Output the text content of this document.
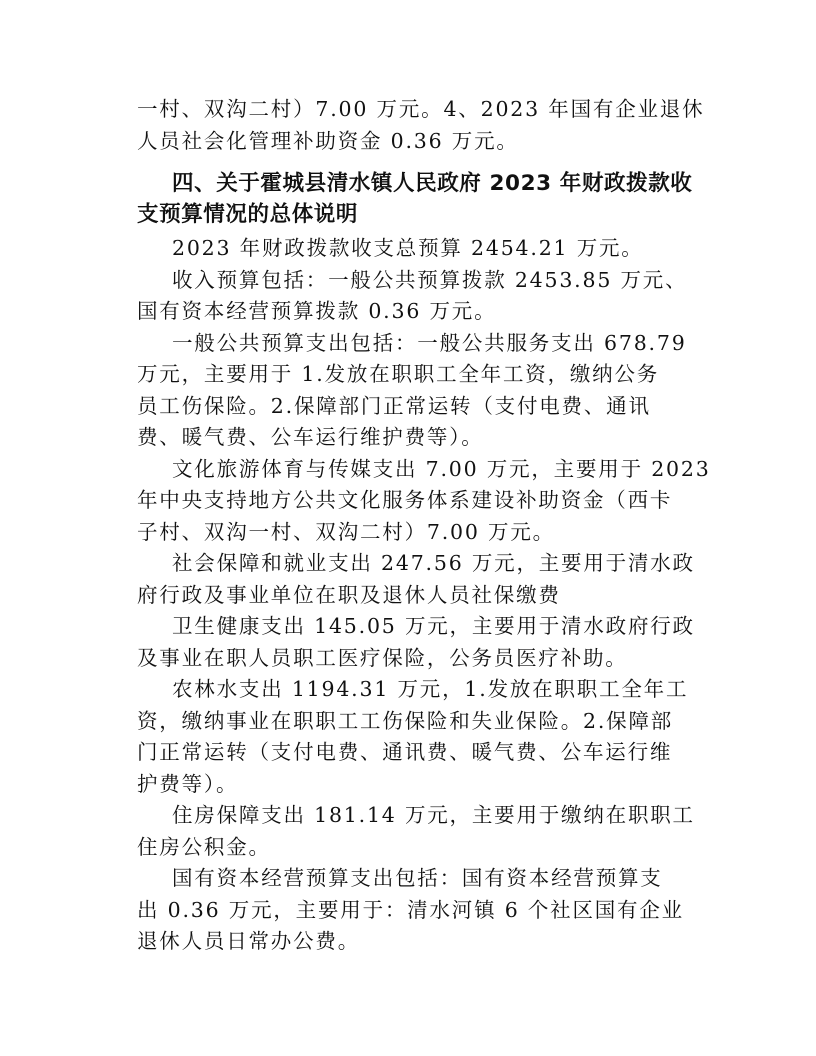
一村、双沟二村）7.00 万元。4、2023 年国有企业退休
人员社会化管理补助资金 0.36 万元。
四、关于霍城县清水镇人民政府 2023 年财政拨款收
支预算情况的总体说明
2023 年财政拨款收支总预算 2454.21 万元。
收入预算包括：一般公共预算拨款 2453.85 万元、
国有资本经营预算拨款 0.36 万元。
一般公共预算支出包括：一般公共服务支出 678.79
万元，主要用于 1.发放在职职工全年工资，缴纳公务
员工伤保险。2.保障部门正常运转（支付电费、通讯
费、暖气费、公车运行维护费等）。
文化旅游体育与传媒支出 7.00 万元，主要用于 2023
年中央支持地方公共文化服务体系建设补助资金（西卡
子村、双沟一村、双沟二村）7.00 万元。
社会保障和就业支出 247.56 万元，主要用于清水政
府行政及事业单位在职及退休人员社保缴费
卫生健康支出 145.05 万元，主要用于清水政府行政
及事业在职人员职工医疗保险，公务员医疗补助。
农林水支出 1194.31 万元，1.发放在职职工全年工
资，缴纳事业在职职工工伤保险和失业保险。2.保障部
门正常运转（支付电费、通讯费、暖气费、公车运行维
护费等）。
住房保障支出 181.14 万元，主要用于缴纳在职职工
住房公积金。
国有资本经营预算支出包括：国有资本经营预算支
出 0.36 万元，主要用于：清水河镇 6 个社区国有企业
退休人员日常办公费。
